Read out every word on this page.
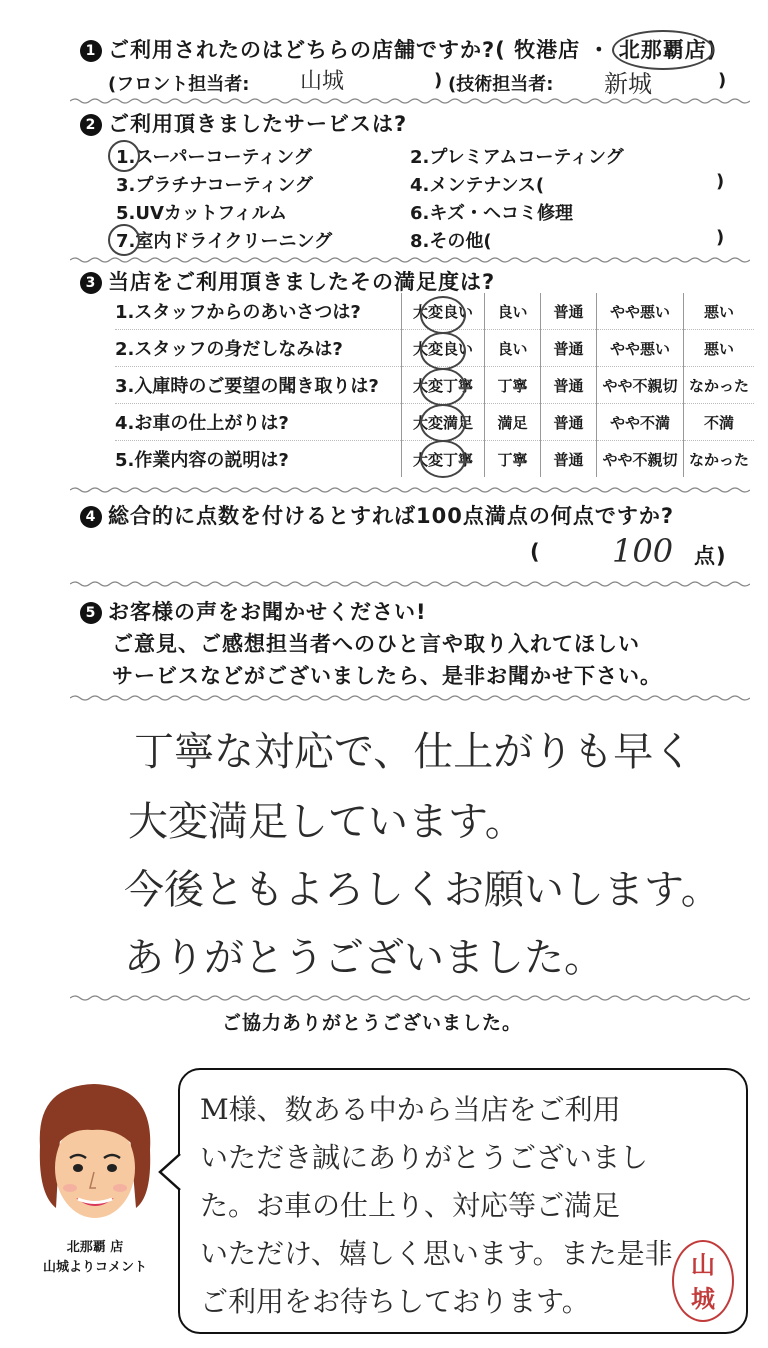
1 ご利用されたのはどちらの店舗ですか?( 牧港店 ・ 北那覇店)
(フロント担当者: 山城	) (技術担当者: 新城	)
2 ご利用頂きましたサービスは?
1.スーパーコーティング	2.プレミアムコーティング
3.プラチナコーティング	4.メンテナンス(	)
5.UVカットフィルム	6.キズ・ヘコミ修理
7.室内ドライクリーニング	8.その他(	)
3 当店をご利用頂きましたその満足度は?
1.スタッフからのあいさつは?	大変良い	良い	普通	やや悪い	悪い
2.スタッフの身だしなみは?	大変良い	良い	普通	やや悪い	悪い
3.入庫時のご要望の聞き取りは?	大変丁寧	丁寧	普通	やや不親切	なかった
4.お車の仕上がりは?	大変満足	満足	普通	やや不満	不満
5.作業内容の説明は?	大変丁寧	丁寧	普通	やや不親切	なかった
4 総合的に点数を付けるとすれば100点満点の何点ですか?
( 100 点)
5 お客様の声をお聞かせください!
ご意見、ご感想担当者へのひと言や取り入れてほしい
サービスなどがございましたら、是非お聞かせ下さい。
丁寧な対応で、仕上がりも早く
大変満足しています。
今後ともよろしくお願いします。
ありがとうございました。
ご協力ありがとうございました。
北那覇 店
山城よりコメント
M様、数ある中から当店をご利用
いただき誠にありがとうございまし
た。お車の仕上り、対応等ご満足
いただけ、嬉しく思います。また是非
ご利用をお待ちしております。
山
城
